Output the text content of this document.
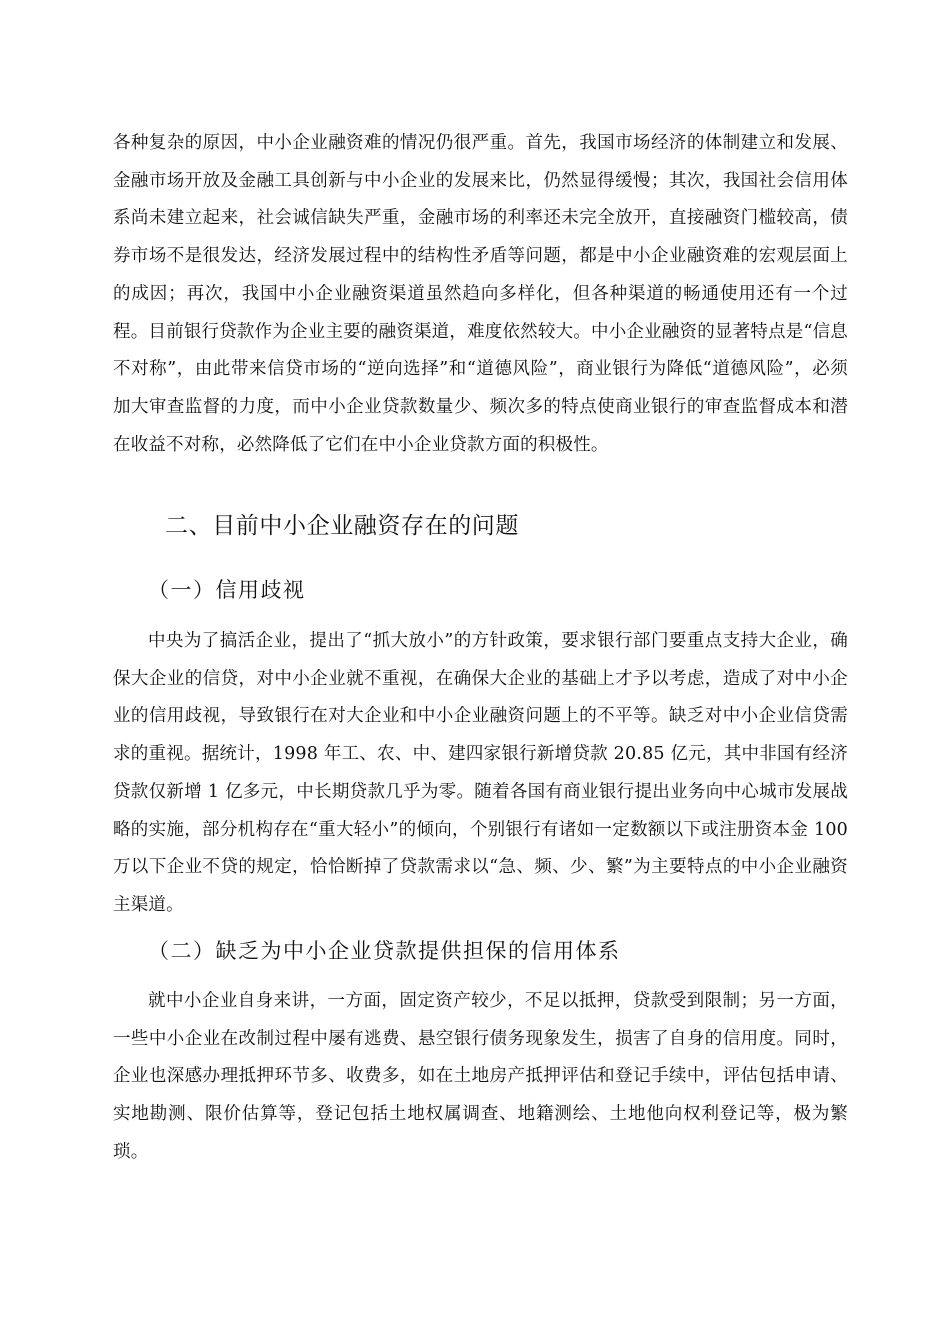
各种复杂的原因，中小企业融资难的情况仍很严重。首先，我国市场经济的体制建立和发展、金融市场开放及金融工具创新与中小企业的发展来比，仍然显得缓慢；其次，我国社会信用体系尚未建立起来，社会诚信缺失严重，金融市场的利率还未完全放开，直接融资门槛较高，债券市场不是很发达，经济发展过程中的结构性矛盾等问题，都是中小企业融资难的宏观层面上的成因；再次，我国中小企业融资渠道虽然趋向多样化，但各种渠道的畅通使用还有一个过程。目前银行贷款作为企业主要的融资渠道，难度依然较大。中小企业融资的显著特点是“信息不对称”，由此带来信贷市场的“逆向选择”和“道德风险”，商业银行为降低“道德风险”，必须加大审查监督的力度，而中小企业贷款数量少、频次多的特点使商业银行的审查监督成本和潜在收益不对称，必然降低了它们在中小企业贷款方面的积极性。

二、目前中小企业融资存在的问题
（一）信用歧视

中央为了搞活企业，提出了“抓大放小”的方针政策，要求银行部门要重点支持大企业，确保大企业的信贷，对中小企业就不重视，在确保大企业的基础上才予以考虑，造成了对中小企业的信用歧视，导致银行在对大企业和中小企业融资问题上的不平等。缺乏对中小企业信贷需求的重视。据统计，1998 年工、农、中、建四家银行新增贷款 20.85 亿元，其中非国有经济贷款仅新增 1 亿多元，中长期贷款几乎为零。随着各国有商业银行提出业务向中心城市发展战略的实施，部分机构存在“重大轻小”的倾向，个别银行有诸如一定数额以下或注册资本金 100 万以下企业不贷的规定，恰恰断掉了贷款需求以“急、频、少、繁”为主要特点的中小企业融资主渠道。

（二）缺乏为中小企业贷款提供担保的信用体系

就中小企业自身来讲，一方面，固定资产较少，不足以抵押，贷款受到限制；另一方面，一些中小企业在改制过程中屡有逃费、悬空银行债务现象发生，损害了自身的信用度。同时，企业也深感办理抵押环节多、收费多，如在土地房产抵押评估和登记手续中，评估包括申请、实地勘测、限价估算等，登记包括土地权属调查、地籍测绘、土地他向权利登记等，极为繁琐。
